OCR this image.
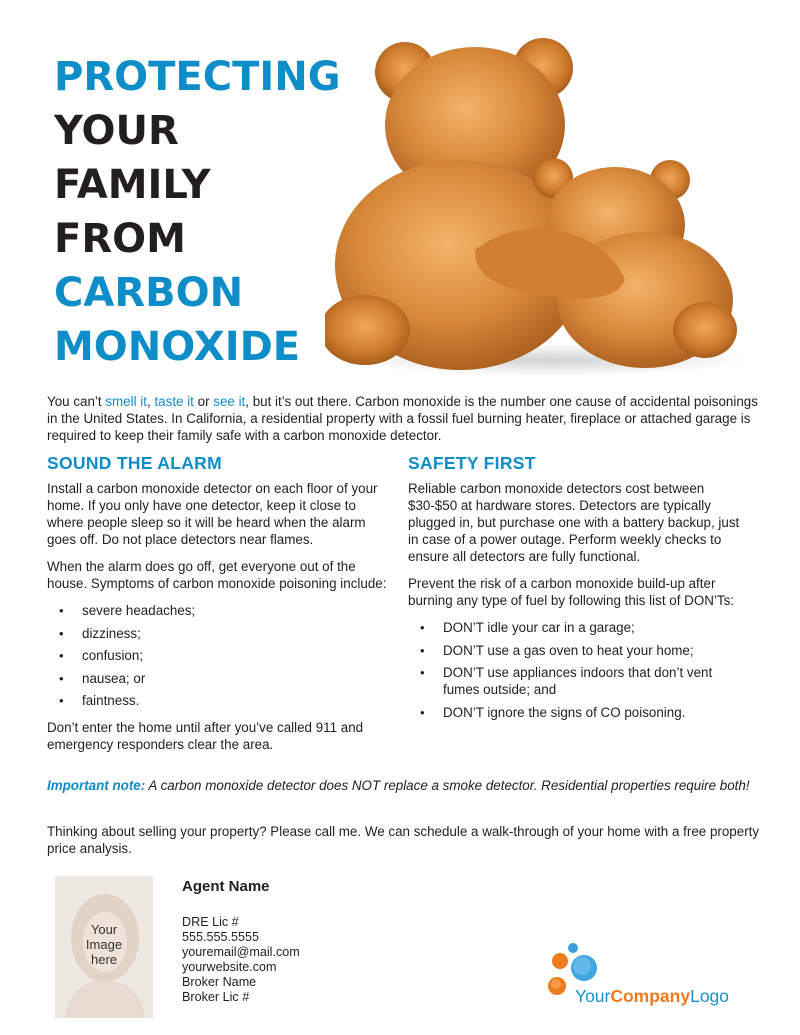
PROTECTING
YOUR
FAMILY
FROM
CARBON
MONOXIDE

You can’t smell it, taste it or see it, but it’s out there. Carbon monoxide is the number one cause of accidental poisonings in the United States. In California, a residential property with a fossil fuel burning heater, fireplace or attached garage is required to keep their family safe with a carbon monoxide detector.

SOUND THE ALARM

Install a carbon monoxide detector on each floor of your home. If you only have one detector, keep it close to where people sleep so it will be heard when the alarm goes off. Do not place detectors near flames.

When the alarm does go off, get everyone out of the house. Symptoms of carbon monoxide poisoning include:

• severe headaches;
• dizziness;
• confusion;
• nausea; or
• faintness.

Don’t enter the home until after you’ve called 911 and emergency responders clear the area.

SAFETY FIRST

Reliable carbon monoxide detectors cost between $30-$50 at hardware stores. Detectors are typically plugged in, but purchase one with a battery backup, just in case of a power outage. Perform weekly checks to ensure all detectors are fully functional.

Prevent the risk of a carbon monoxide build-up after burning any type of fuel by following this list of DON’Ts:

• DON’T idle your car in a garage;
• DON’T use a gas oven to heat your home;
• DON’T use appliances indoors that don’t vent fumes outside; and
• DON’T ignore the signs of CO poisoning.

Important note: A carbon monoxide detector does NOT replace a smoke detector. Residential properties require both!

Thinking about selling your property? Please call me. We can schedule a walk-through of your home with a free property price analysis.

Your
Image
here
Agent Name
DRE Lic #
555.555.5555
youremail@mail.com
yourwebsite.com
Broker Name
Broker Lic #	YourCompanyLogo
